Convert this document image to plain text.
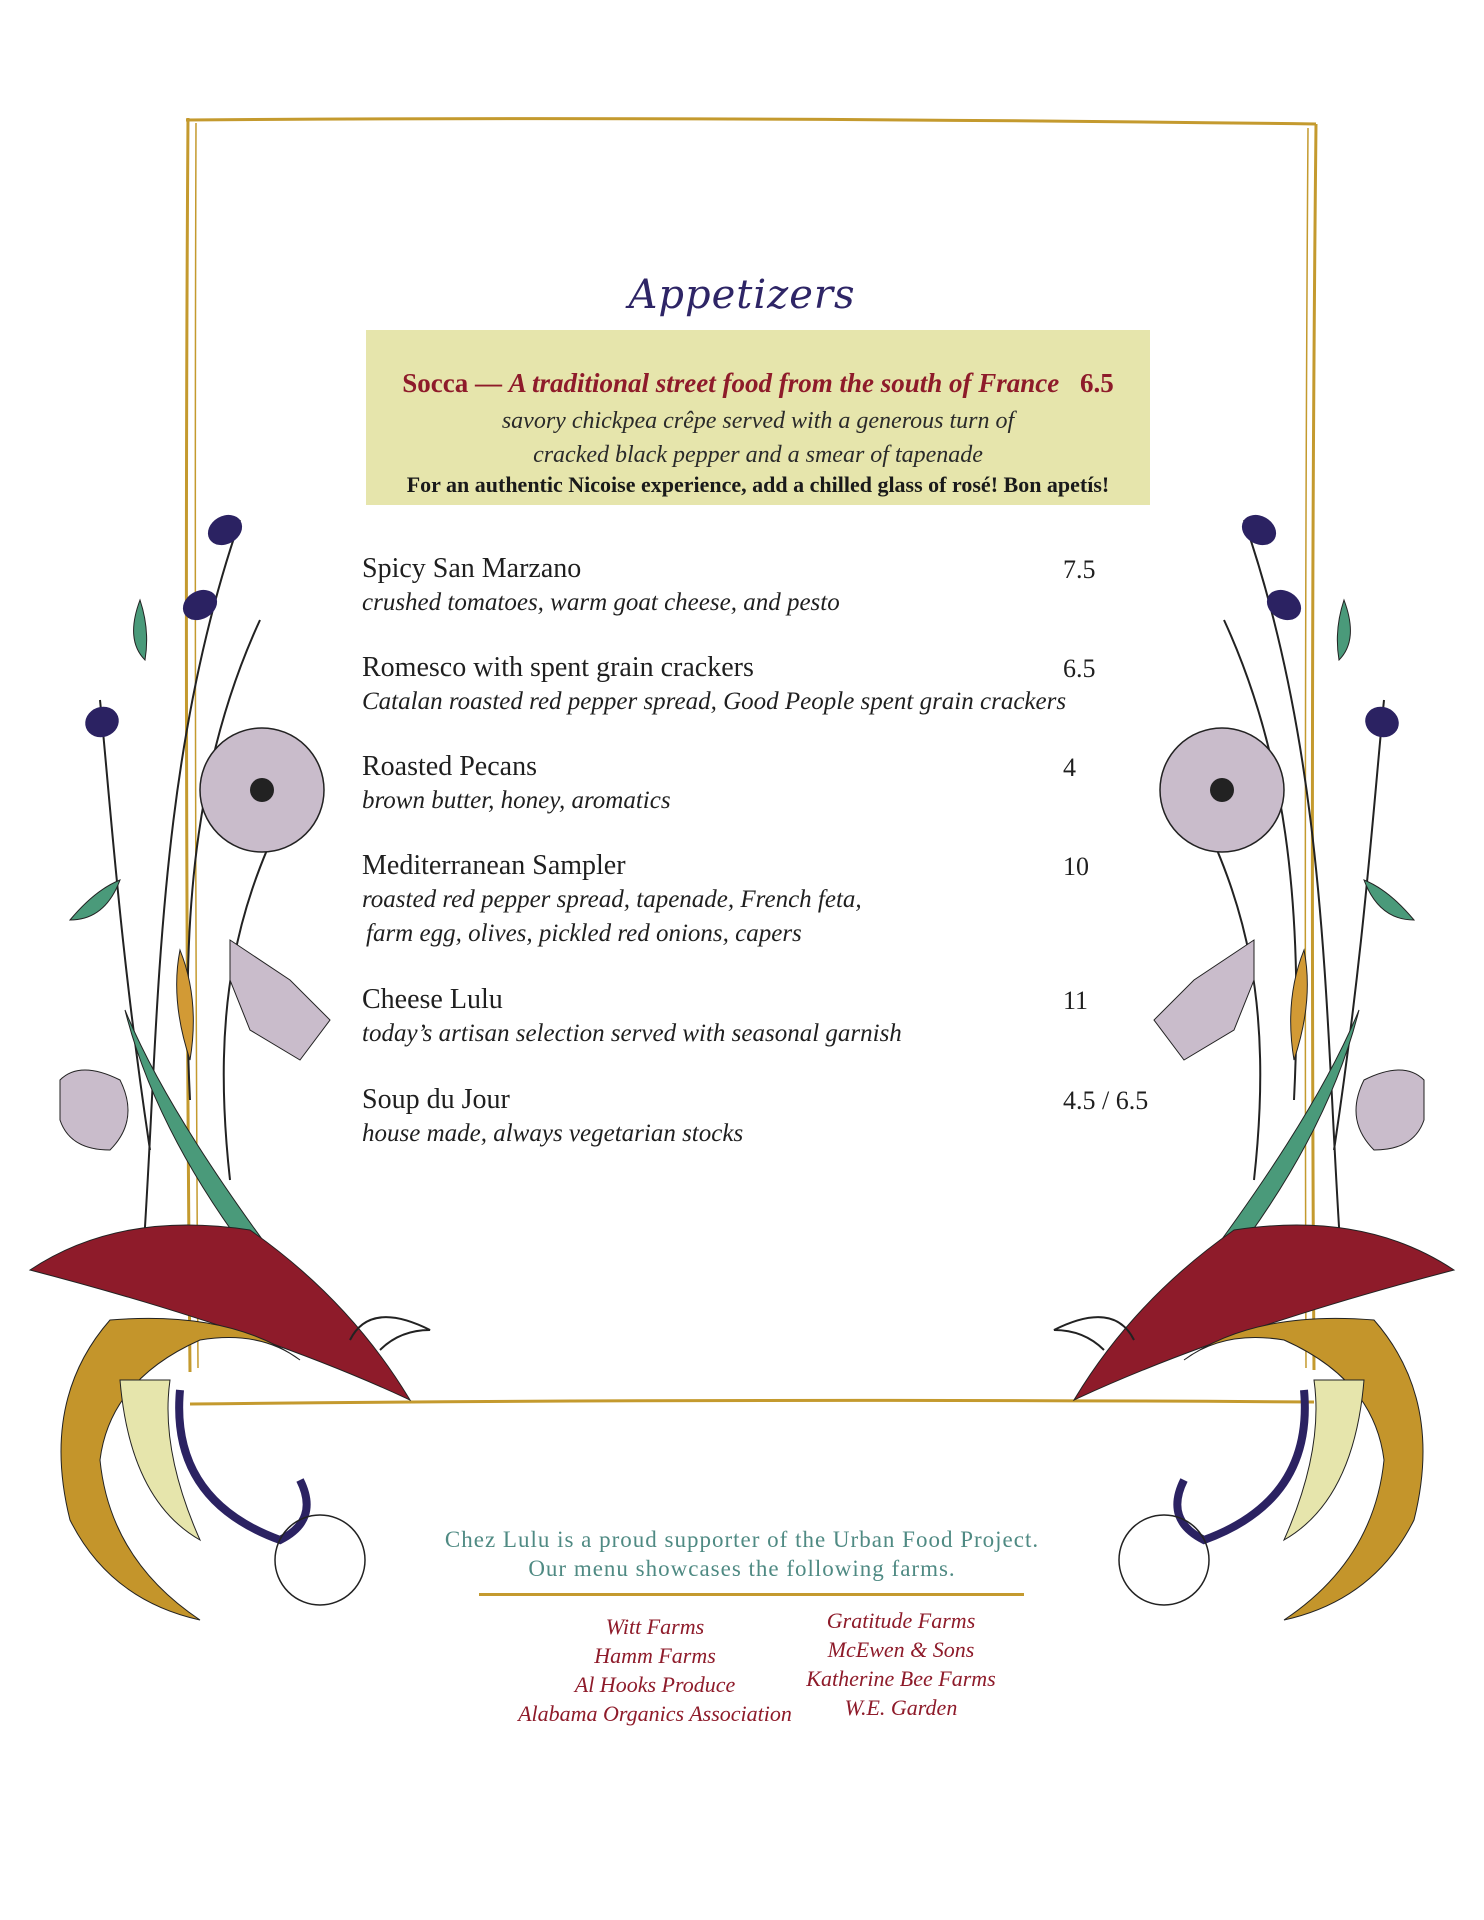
Appetizers
Socca — A traditional street food from the south of France 6.5
savory chickpea crêpe served with a generous turn of
cracked black pepper and a smear of tapenade
For an authentic Nicoise experience, add a chilled glass of rosé! Bon apetís!
Spicy San Marzano	7.5
crushed tomatoes, warm goat cheese, and pesto
Romesco with spent grain crackers	6.5
Catalan roasted red pepper spread, Good People spent grain crackers
Roasted Pecans	4
brown butter, honey, aromatics
Mediterranean Sampler	10
roasted red pepper spread, tapenade, French feta,
farm egg, olives, pickled red onions, capers
Cheese Lulu	11
today’s artisan selection served with seasonal garnish
Soup du Jour	4.5 / 6.5
house made, always vegetarian stocks
Chez Lulu is a proud supporter of the Urban Food Project.
Our menu showcases the following farms.
Witt Farms
Hamm Farms
Al Hooks Produce
Alabama Organics Association
Gratitude Farms
McEwen & Sons
Katherine Bee Farms
W.E. Garden
